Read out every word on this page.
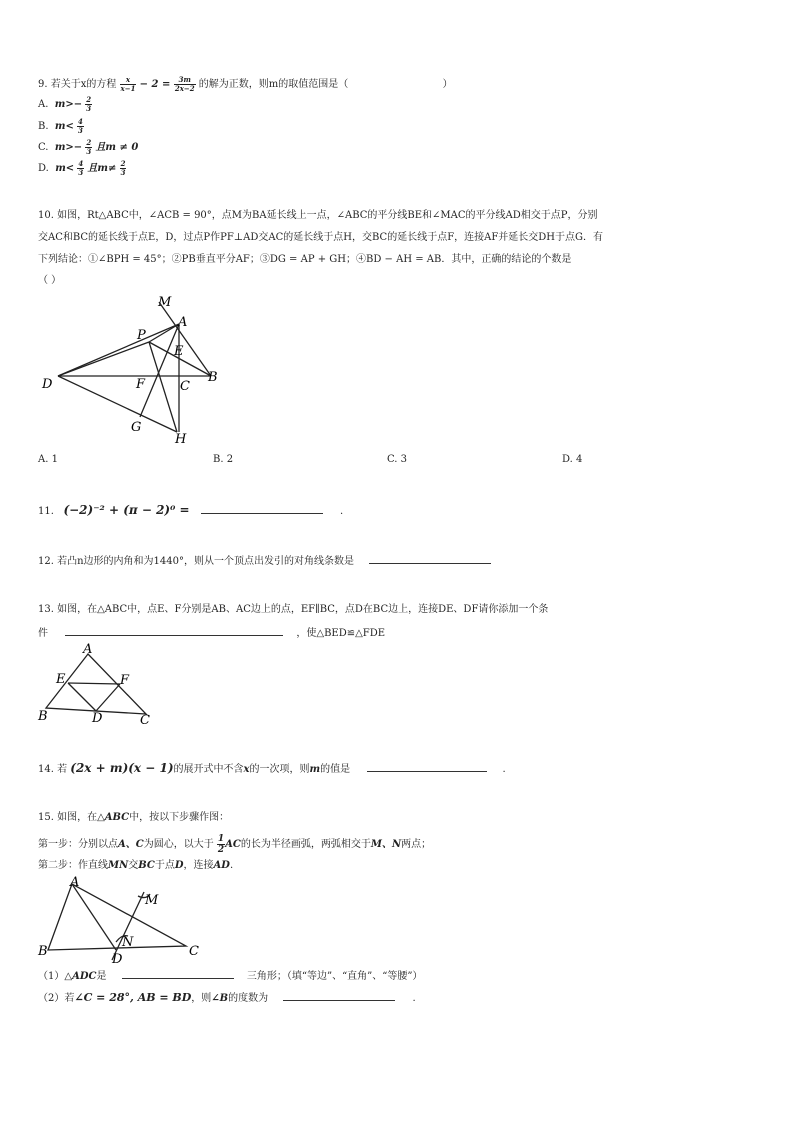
9. 若关于x的方程 $\frac{x}{x-1} - 2 = \frac{3m}{2x-2}$ 的解为正数，则m的取值范围是（	）
A. $m>- \frac{2}{3}$
B. $m< \frac{4}{3}$
C. $m>- \frac{2}{3}$ 且m ≠ 0
D. $m< \frac{4}{3}$ 且$m\ne \frac{2}{3}$
10. 如图，Rt△ABC中，∠ACB = 90°，点M为BA延长线上一点，∠ABC的平分线BE和∠MAC的平分线AD相交于点P，分别
交AC和BC的延长线于点E，D，过点P作PF⊥AD交AC的延长线于点H，交BC的延长线于点F，连接AF并延长交DH于点G．有
下列结论：①∠BPH = 45°；②PB垂直平分AF；③DG = AP + GH；④BD − AH = AB．其中，正确的结论的个数是
（ ）
M
A
P
E
B
D	F	C
G
H
A. 1	B. 2	C. 3	D. 4
11. (−2)⁻² + (π − 2)⁰ =	.
12. 若凸n边形的内角和为1440°，则从一个顶点出发引的对角线条数是
13. 如图，在△ABC中，点E、F分别是AB、AC边上的点，EF∥BC，点D在BC边上，连接DE、DF请你添加一个条
件	，使△BED≌△FDE
A
E	F
B	D	C
14. 若 (2x + m)(x − 1)的展开式中不含x的一次项，则m的值是	.
15. 如图，在△ABC中，按以下步骤作图：
第一步：分别以点A、C为圆心，以大于 $\frac{1}{2}$ AC的长为半径画弧，两弧相交于M、N两点；
第二步：作直线MN交BC于点D，连接AD.
A
M
B
N
D
C
（1）△ADC是	三角形；（填“等边”、“直角”、“等腰”）
（2）若∠C = 28°, AB = BD，则∠B的度数为	.
